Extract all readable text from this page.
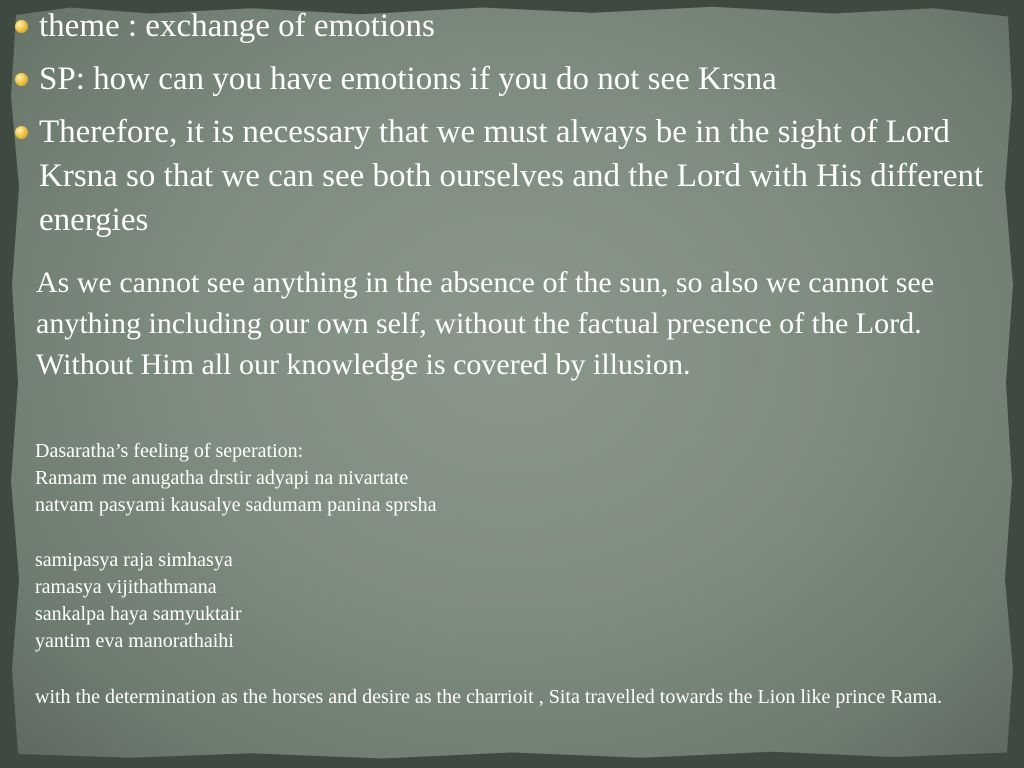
theme : exchange of emotions
SP: how can you have emotions if you do not see Krsna
Therefore, it is necessary that we must always be in the sight of Lord Krsna so that we can see both ourselves and the Lord with His different energies

As we cannot see anything in the absence of the sun, so also we cannot see anything including our own self, without the factual presence of the Lord. Without Him all our knowledge is covered by illusion.

Dasaratha’s feeling of seperation:
Ramam me anugatha drstir adyapi na nivartate
natvam pasyami kausalye sadumam panina sprsha

samipasya raja simhasya
ramasya vijithathmana
sankalpa haya samyuktair
yantim eva manorathaihi

with the determination as the horses and desire as the charrioit , Sita travelled towards the Lion like prince Rama.
